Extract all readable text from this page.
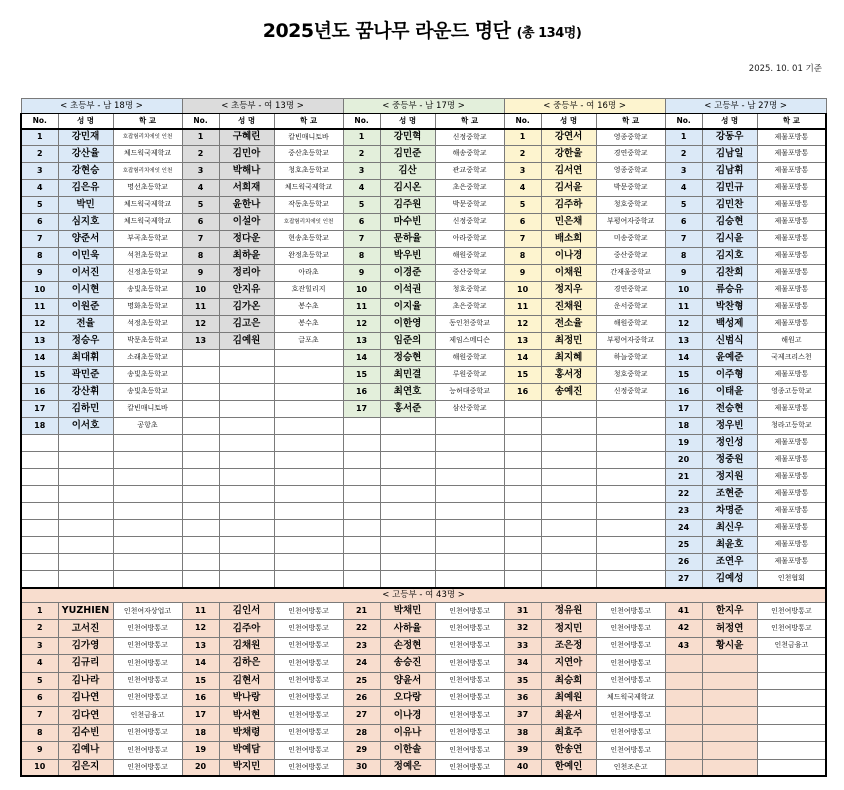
2025년도 꿈나무 라운드 명단 (총 134명)
2025. 10. 01 기준
< 초등부 - 남 18명 >			< 초등부 - 여 13명 >			< 중등부 - 남 17명 >			< 중등부 - 여 16명 >			< 고등부 - 남 27명 >		
No.	성 명	학 교	No.	성 명	학 교	No.	성 명	학 교	No.	성 명	학 교	No.	성 명	학 교
1	강민재	호잡험리치에잇 인천	1	구혜린	칼빈매니토바	1	강민혁	신정중학교	1	강연서	영종중학교	1	강동우	제물포방통
2	강산율	체드웍국제학교	2	김민아	중산초등학교	2	김민준	해송중학교	2	강한울	경연중학교	2	김남일	제물포방통
3	강현승	호잡험리치에잇 인천	3	박해나	청호초등학교	3	김산	관교중학교	3	김서연	영종중학교	3	김남휘	제물포방통
4	김은유	명선초등학교	4	서희재	체드웍국제학교	4	김시온	초은중학교	4	김서윤	박문중학교	4	김민규	제물포방통
5	박민	체드웍국제학교	5	윤한나	작동초등학교	5	김주원	박문중학교	5	김주하	청호중학교	5	김민찬	제물포방통
6	심지호	체드웍국제학교	6	이설아	호잡험리치에잇 인천	6	마수빈	신정중학교	6	민은채	부평여자중학교	6	김승현	제물포방통
7	양준서	부곡초등학교	7	정다운	현송초등학교	7	문하율	아라중학교	7	배소희	미송중학교	7	김시윤	제물포방통
8	이민욱	석천초등학교	8	최하윤	완정초등학교	8	박우빈	해원중학교	8	이나경	중산중학교	8	김지호	제물포방통
9	이서진	신정초등학교	9	정리아	아라초	9	이경준	중산중학교	9	이채원	간재울중학교	9	김찬희	제물포방통
10	이시현	송빛초등학교	10	안지유	호잔힐리지	10	이석권	청호중학교	10	정지우	경연중학교	10	류승유	제물포방통
11	이원준	명화초등학교	11	김가온	봉수초	11	이지율	초은중학교	11	진채원	운서중학교	11	박찬형	제물포방통
12	전율	석정초등학교	12	김고은	봉수초	12	이한영	동인천중학교	12	전소율	해원중학교	12	백성제	제물포방통
13	정승우	박문초등학교	13	김예원	글포초	13	임준의	제임스메디슨	13	최정민	부평여자중학교	13	신범식	해원고
14	최대휘	소래초등학교				14	정승현	해원중학교	14	최지혜	하늘중학교	14	윤예준	국제크리스천
15	곽민준	송빛초등학교				15	최민결	루원중학교	15	홍서정	청호중학교	15	이주형	제물포방통
16	강산휘	송빛초등학교				16	최연호	능허대중학교	16	송예진	신정중학교	16	이태윤	영종고등학교
17	김하민	칼빈매니토바				17	홍서준	삼산중학교				17	전승현	제물포방통
18	이서호	공항초										18	정우빈	청라고등학교
												19	정인성	제물포방통
												20	정중원	제물포방통
												21	정지원	제물포방통
												22	조현준	제물포방통
												23	차명준	제물포방통
												24	최신우	제물포방통
												25	최윤호	제물포방통
												26	조연우	제물포방통
												27	김예성	인천협회
< 고등부 - 여 43명 >														
1	YUZHIEN	인천여자상업고	11	김인서	인천여방통고	21	박채민	인천여방통고	31	정유원	인천여방통고	41	한지우	인천여방통고
2	고서진	인천여방통고	12	김주아	인천여방통고	22	사하율	인천여방통고	32	정지민	인천여방통고	42	허정연	인천여방통고
3	김가영	인천여방통고	13	김채원	인천여방통고	23	손정현	인천여방통고	33	조은정	인천여방통고	43	황시윤	인천금융고
4	김규리	인천여방통고	14	김하은	인천여방통고	24	송승진	인천여방통고	34	지연아	인천여방통고			
5	김나라	인천여방통고	15	김현서	인천여방통고	25	양윤서	인천여방통고	35	최승희	인천여방통고			
6	김나연	인천여방통고	16	박나랑	인천여방통고	26	오다랑	인천여방통고	36	최예원	체드웍국제학교			
7	김다연	인천금융고	17	박서현	인천여방통고	27	이나경	인천여방통고	37	최윤서	인천여방통고			
8	김수빈	인천여방통고	18	박채령	인천여방통고	28	이유나	인천여방통고	38	최효주	인천여방통고			
9	김예나	인천여방통고	19	박예담	인천여방통고	29	이한솔	인천여방통고	39	한송연	인천여방통고			
10	김은지	인천여방통고	20	박지민	인천여방통고	30	정예은	인천여방통고	40	한예인	인천조은고			
